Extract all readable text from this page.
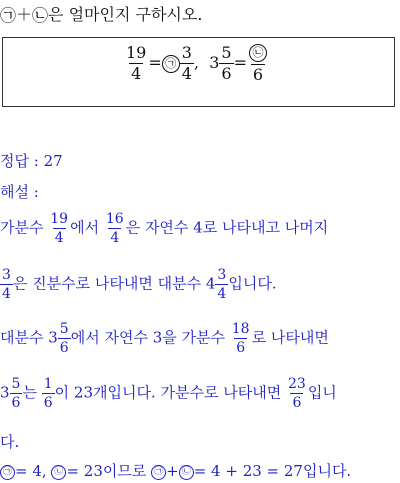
㉠＋㉡은 얼마인지 구하시오.
$\frac{19}{4}$ = ㉠ $\frac{3}{4}$ , $3 \frac{5}{6} = \frac{㉡}{6}$
정답 : 27
해설 :
가분수 $\frac{19}{4}$ 에서 $\frac{16}{4}$ 은 자연수 4로 나타내고 나머지
$\frac{3}{4}$ 은 진분수로 나타내면 대분수 $4 \frac{3}{4}$ 입니다.
대분수 $3 \frac{5}{6}$ 에서 자연수 3을 가분수 $\frac{18}{6}$ 로 나타내면
$3 \frac{5}{6}$ 는 $\frac{1}{6}$ 이 23개입니다. 가분수로 나타내면 $\frac{23}{6}$ 입니
다.
㉠ = 4, ㉡ = 23이므로 ㉠ + ㉡ = 4 + 23 = 27입니다.
